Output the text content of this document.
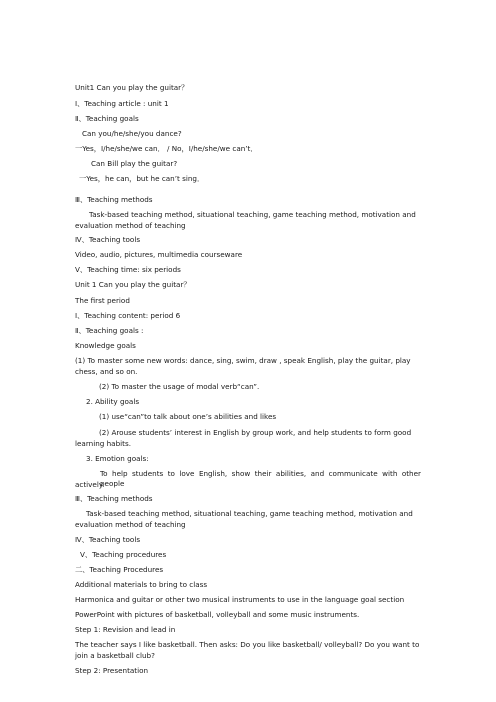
Unit1 Can you play the guitar？
Ⅰ、Teaching article : unit 1
Ⅱ、Teaching goals
Can you/he/she/you dance?
一Yes，I/he/she/we can． / No，I/he/she/we can’t．
Can Bill play the guitar?
一Yes，he can，but he can’t sing．
Ⅲ、Teaching methods
Task-based teaching method, situational teaching, game teaching method, motivation and
evaluation method of teaching
Ⅳ、Teaching tools
Video, audio, pictures, multimedia courseware
Ⅴ、Teaching time: six periods
Unit 1 Can you play the guitar？
The first period
Ⅰ、Teaching content: period 6
Ⅱ、Teaching goals :
Knowledge goals
(1) To master some new words: dance, sing, swim, draw , speak English, play the guitar, play
chess, and so on.
(2) To master the usage of modal verb“can”.
2. Ability goals
(1) use“can”to talk about one’s abilities and likes
(2) Arouse students’ interest in English by group work, and help students to form good
learning habits.
3. Emotion goals:
To help students to love English, show their abilities, and communicate with other people
actively.
Ⅲ、Teaching methods
Task-based teaching method, situational teaching, game teaching method, motivation and
evaluation method of teaching
Ⅳ、Teaching tools
Ⅴ、Teaching procedures
二、Teaching Procedures
Additional materials to bring to class
Harmonica and guitar or other two musical instruments to use in the language goal section
PowerPoint with pictures of basketball, volleyball and some music instruments.
Step 1: Revision and lead in
The teacher says I like basketball. Then asks: Do you like basketball/ volleyball? Do you want to
join a basketball club?
Step 2: Presentation
